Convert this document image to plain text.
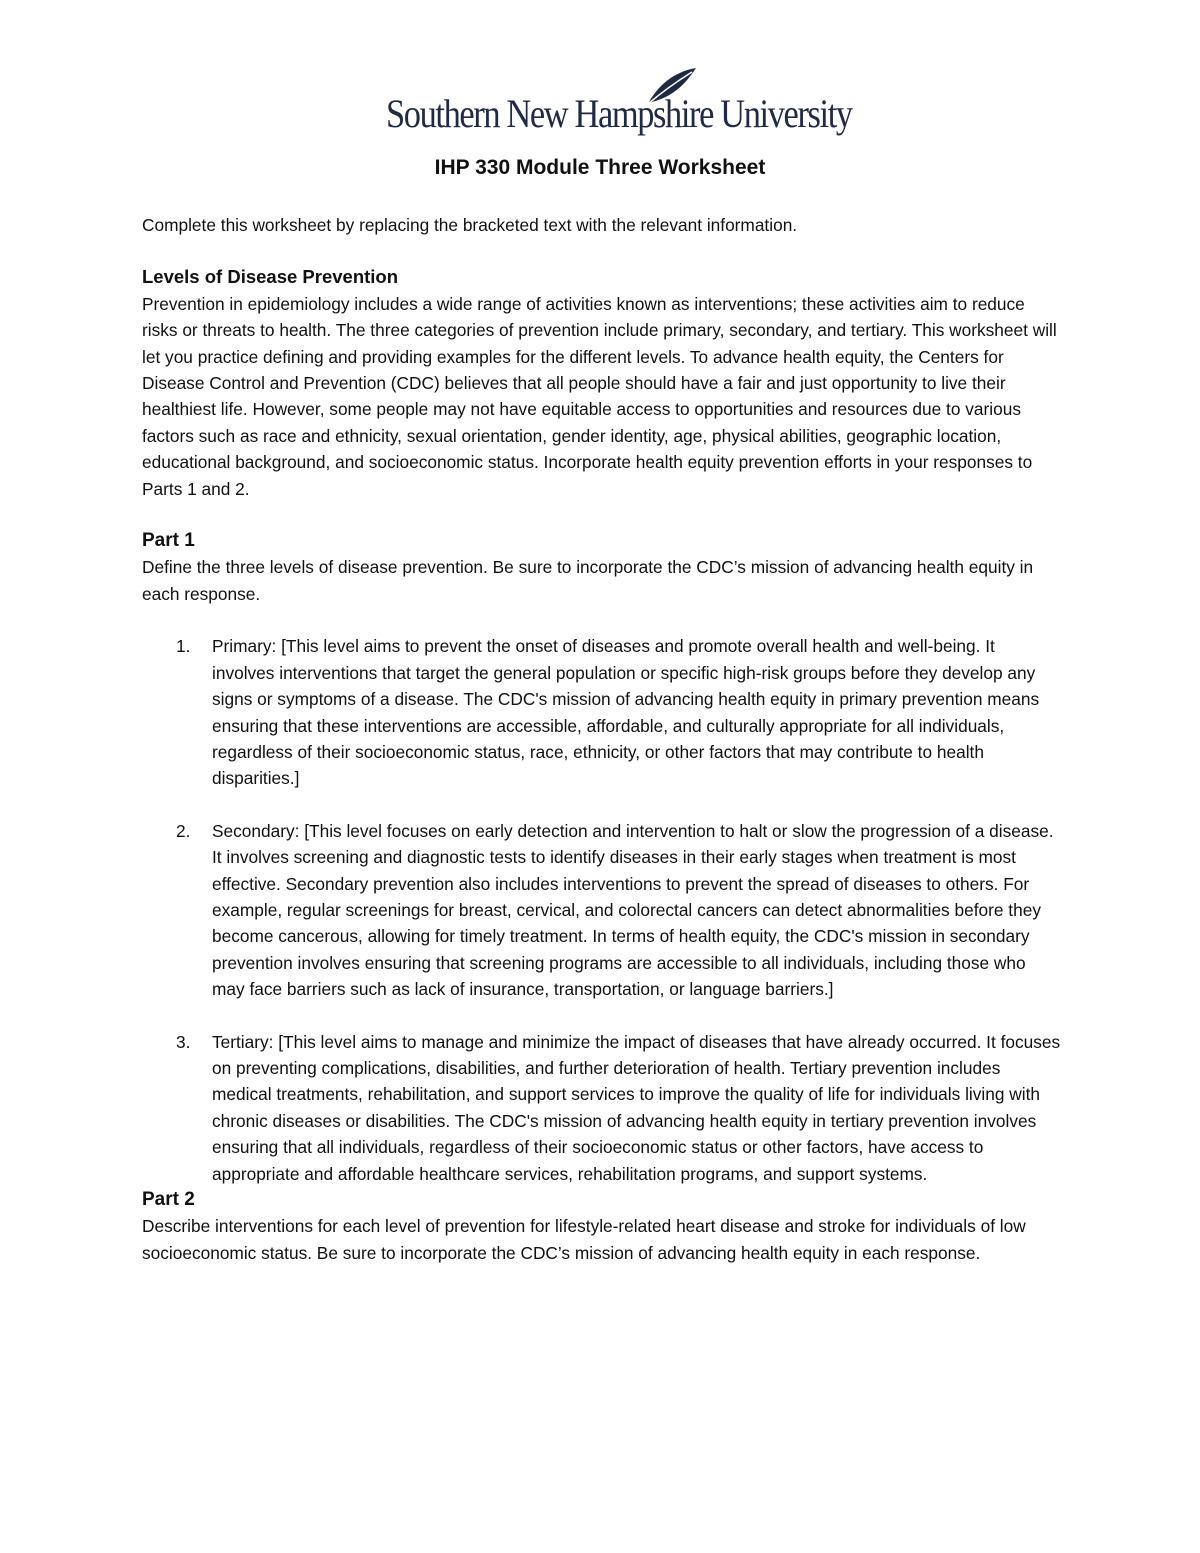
Southern New Hampshire University
IHP 330 Module Three Worksheet

Complete this worksheet by replacing the bracketed text with the relevant information.

Levels of Disease Prevention

Prevention in epidemiology includes a wide range of activities known as interventions; these activities aim to reduce risks or threats to health. The three categories of prevention include primary, secondary, and tertiary. This worksheet will let you practice defining and providing examples for the different levels. To advance health equity, the Centers for Disease Control and Prevention (CDC) believes that all people should have a fair and just opportunity to live their healthiest life. However, some people may not have equitable access to opportunities and resources due to various factors such as race and ethnicity, sexual orientation, gender identity, age, physical abilities, geographic location, educational background, and socioeconomic status. Incorporate health equity prevention efforts in your responses to Parts 1 and 2.

Part 1

Define the three levels of disease prevention. Be sure to incorporate the CDC’s mission of advancing health equity in each response.

1. Primary: [This level aims to prevent the onset of diseases and promote overall health and well-being. It involves interventions that target the general population or specific high-risk groups before they develop any signs or symptoms of a disease. The CDC's mission of advancing health equity in primary prevention means ensuring that these interventions are accessible, affordable, and culturally appropriate for all individuals, regardless of their socioeconomic status, race, ethnicity, or other factors that may contribute to health disparities.]
2. Secondary: [This level focuses on early detection and intervention to halt or slow the progression of a disease. It involves screening and diagnostic tests to identify diseases in their early stages when treatment is most effective. Secondary prevention also includes interventions to prevent the spread of diseases to others. For example, regular screenings for breast, cervical, and colorectal cancers can detect abnormalities before they become cancerous, allowing for timely treatment. In terms of health equity, the CDC's mission in secondary prevention involves ensuring that screening programs are accessible to all individuals, including those who may face barriers such as lack of insurance, transportation, or language barriers.]
3. Tertiary: [This level aims to manage and minimize the impact of diseases that have already occurred. It focuses on preventing complications, disabilities, and further deterioration of health. Tertiary prevention includes medical treatments, rehabilitation, and support services to improve the quality of life for individuals living with chronic diseases or disabilities. The CDC's mission of advancing health equity in tertiary prevention involves ensuring that all individuals, regardless of their socioeconomic status or other factors, have access to appropriate and affordable healthcare services, rehabilitation programs, and support systems.

Part 2

Describe interventions for each level of prevention for lifestyle-related heart disease and stroke for individuals of low socioeconomic status. Be sure to incorporate the CDC’s mission of advancing health equity in each response.
